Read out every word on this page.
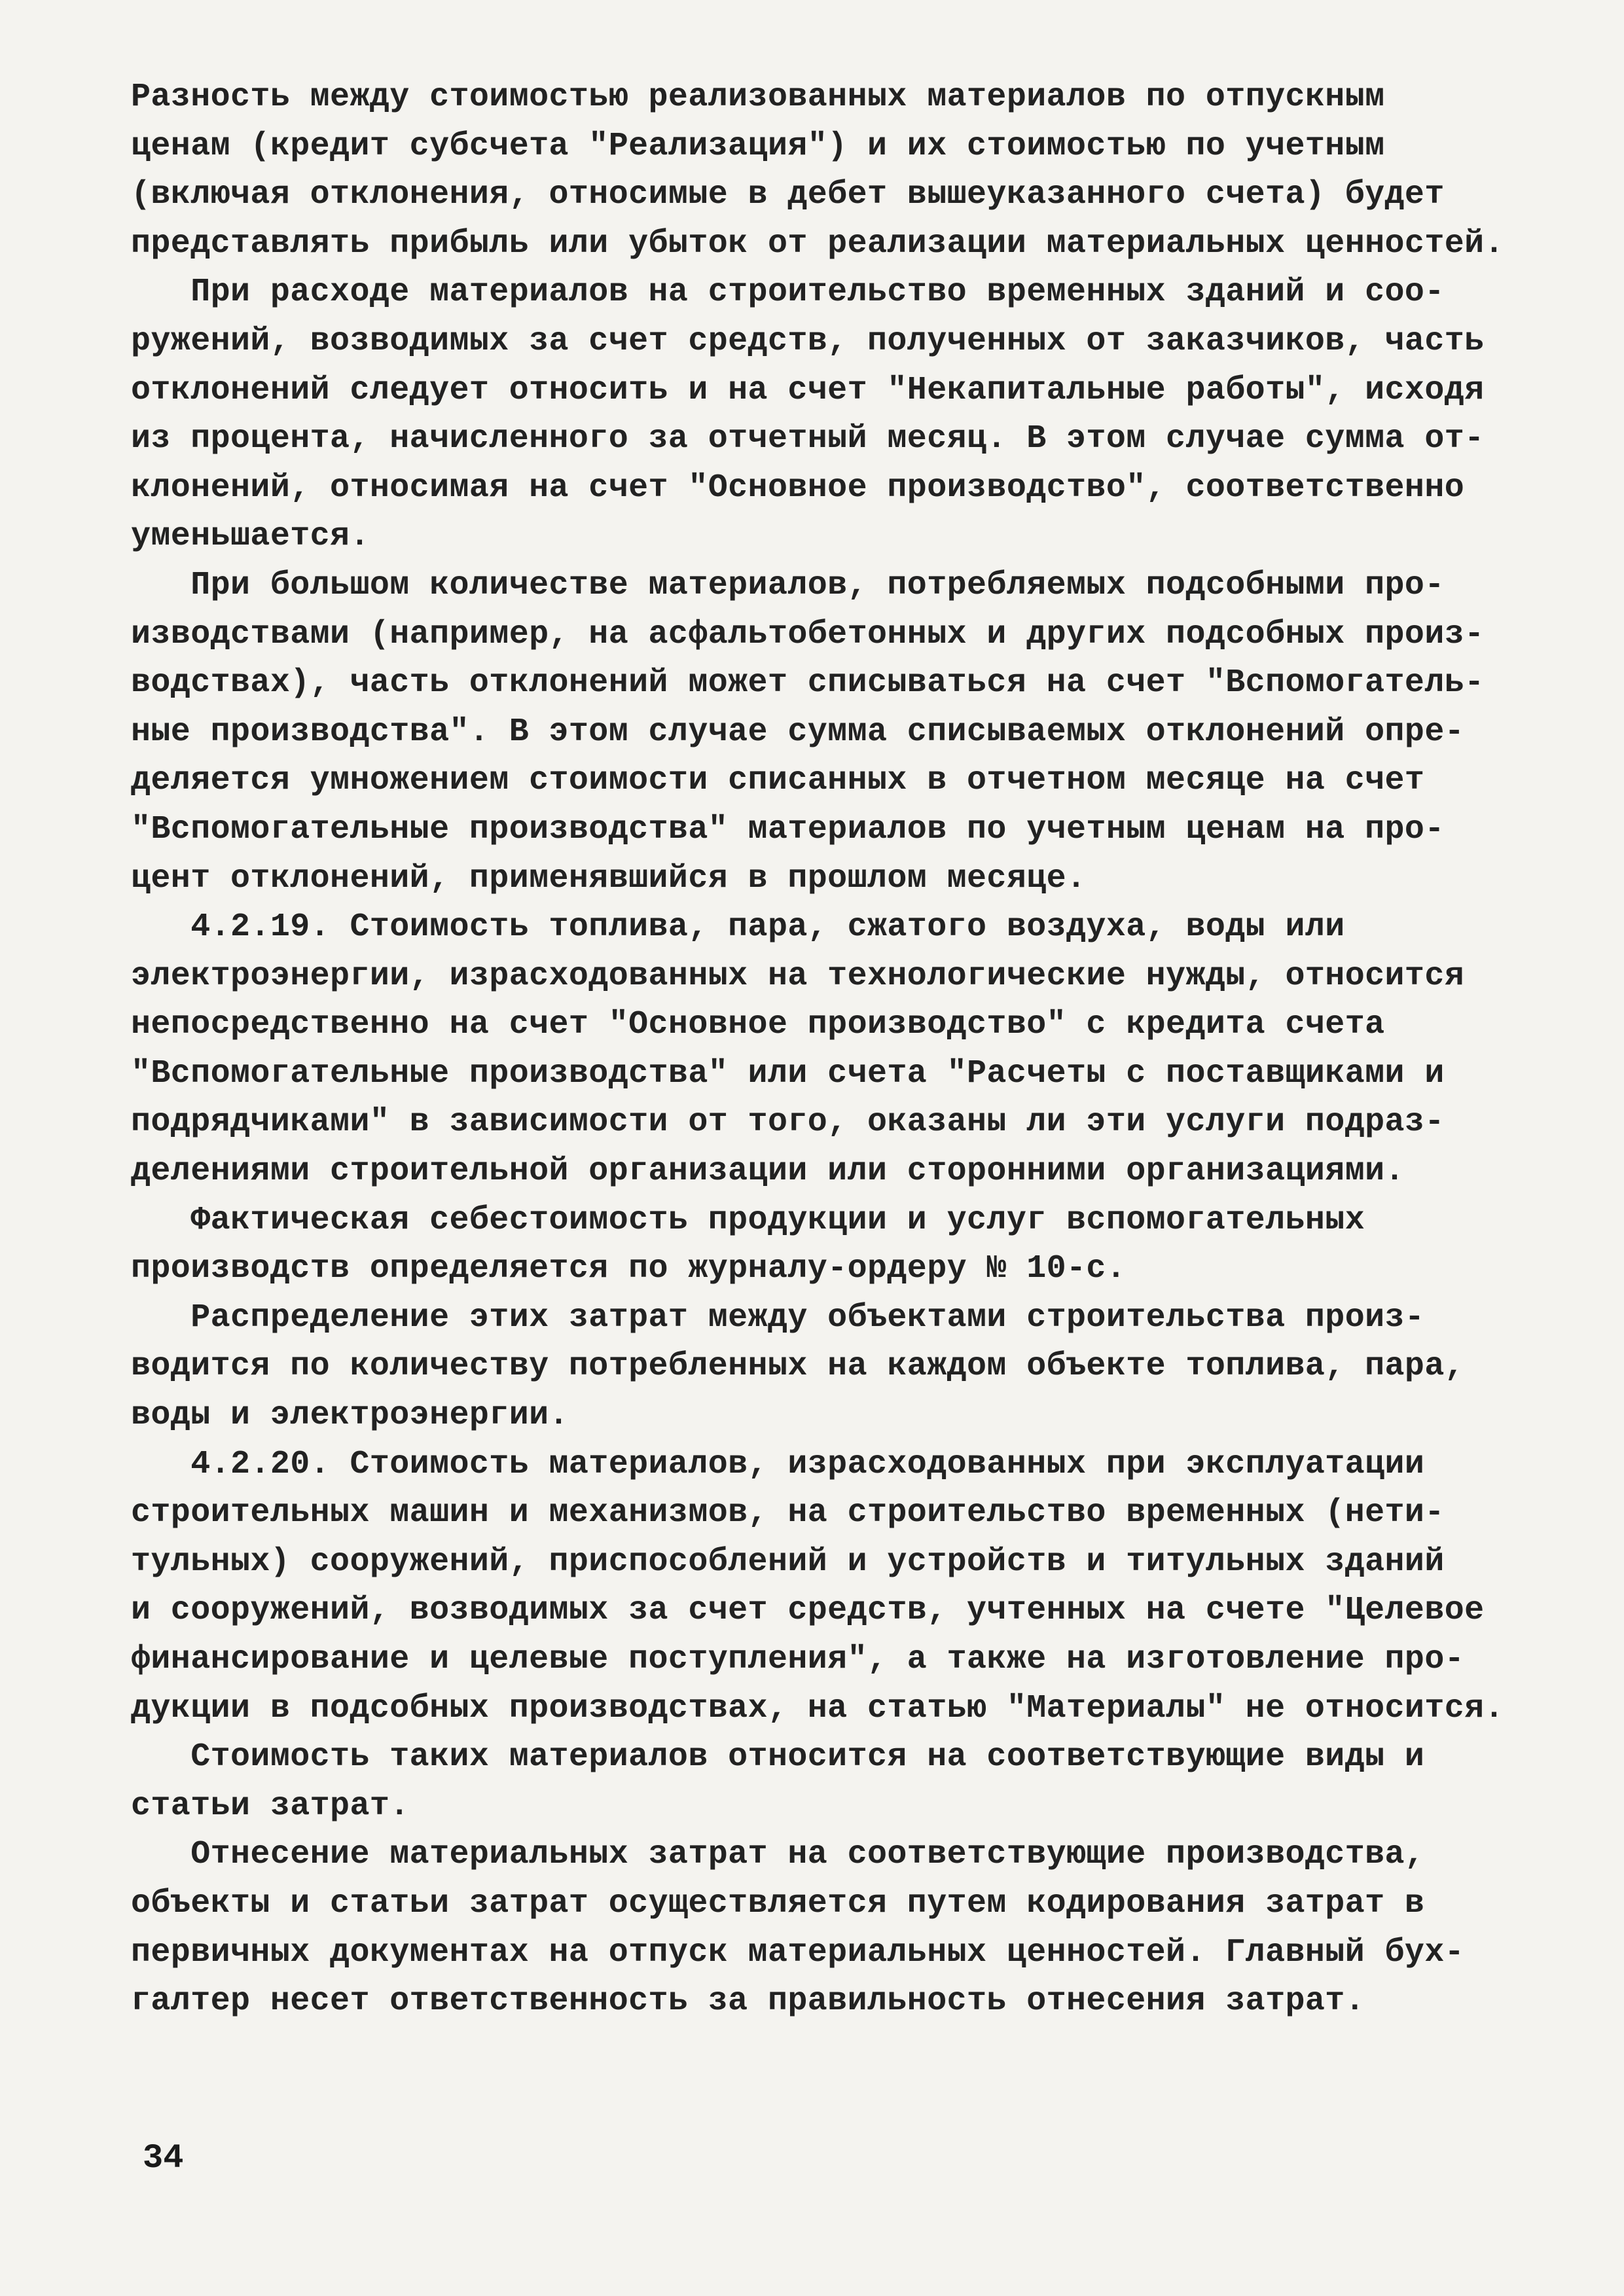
Разность между стоимостью реализованных материалов по отпускным
ценам (кредит субсчета "Реализация") и их стоимостью по учетным
(включая отклонения, относимые в дебет вышеуказанного счета) будет
представлять прибыль или убыток от реализации материальных ценностей.
При расходе материалов на строительство временных зданий и соо-
ружений, возводимых за счет средств, полученных от заказчиков, часть
отклонений следует относить и на счет "Некапитальные работы", исходя
из процента, начисленного за отчетный месяц. В этом случае сумма от-
клонений, относимая на счет "Основное производство", соответственно
уменьшается.
При большом количестве материалов, потребляемых подсобными про-
изводствами (например, на асфальтобетонных и других подсобных произ-
водствах), часть отклонений может списываться на счет "Вспомогатель-
ные производства". В этом случае сумма списываемых отклонений опре-
деляется умножением стоимости списанных в отчетном месяце на счет
"Вспомогательные производства" материалов по учетным ценам на про-
цент отклонений, применявшийся в прошлом месяце.
4.2.19. Стоимость топлива, пара, сжатого воздуха, воды или
электроэнергии, израсходованных на технологические нужды, относится
непосредственно на счет "Основное производство" с кредита счета
"Вспомогательные производства" или счета "Расчеты с поставщиками и
подрядчиками" в зависимости от того, оказаны ли эти услуги подраз-
делениями строительной организации или сторонними организациями.
Фактическая себестоимость продукции и услуг вспомогательных
производств определяется по журналу-ордеру № 10-с.
Распределение этих затрат между объектами строительства произ-
водится по количеству потребленных на каждом объекте топлива, пара,
воды и электроэнергии.
4.2.20. Стоимость материалов, израсходованных при эксплуатации
строительных машин и механизмов, на строительство временных (нети-
тульных) сооружений, приспособлений и устройств и титульных зданий
и сооружений, возводимых за счет средств, учтенных на счете "Целевое
финансирование и целевые поступления", а также на изготовление про-
дукции в подсобных производствах, на статью "Материалы" не относится.
Стоимость таких материалов относится на соответствующие виды и
статьи затрат.
Отнесение материальных затрат на соответствующие производства,
объекты и статьи затрат осуществляется путем кодирования затрат в
первичных документах на отпуск материальных ценностей. Главный бух-
галтер несет ответственность за правильность отнесения затрат.
34
